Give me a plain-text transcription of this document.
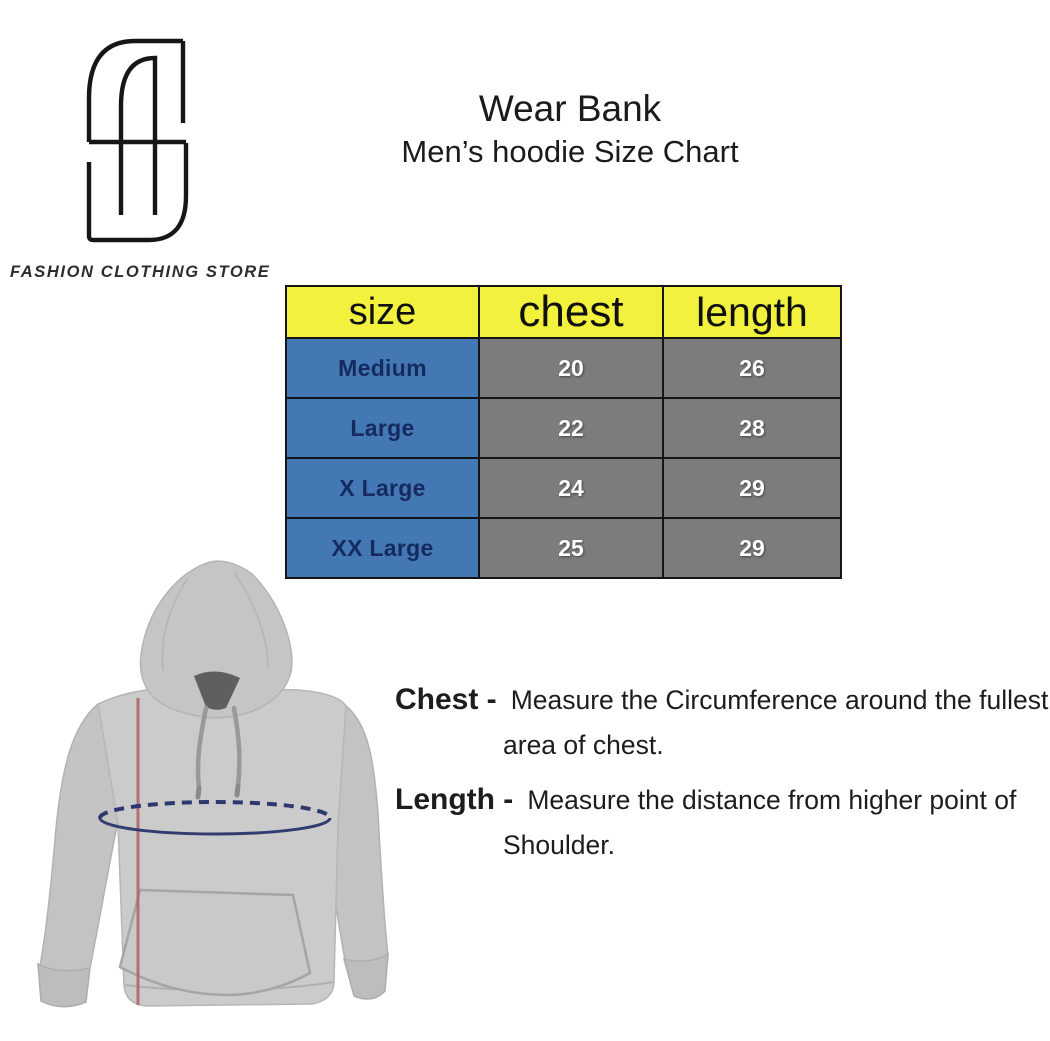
FASHION CLOTHING STORE
Wear Bank
Men’s hoodie Size Chart
size	chest	length
Medium	20	26
Large	22	28
X Large	24	29
XX Large	25	29
Chest - Measure the Circumference around the fullest
area of chest.
Length - Measure the distance from higher point of
Shoulder.
